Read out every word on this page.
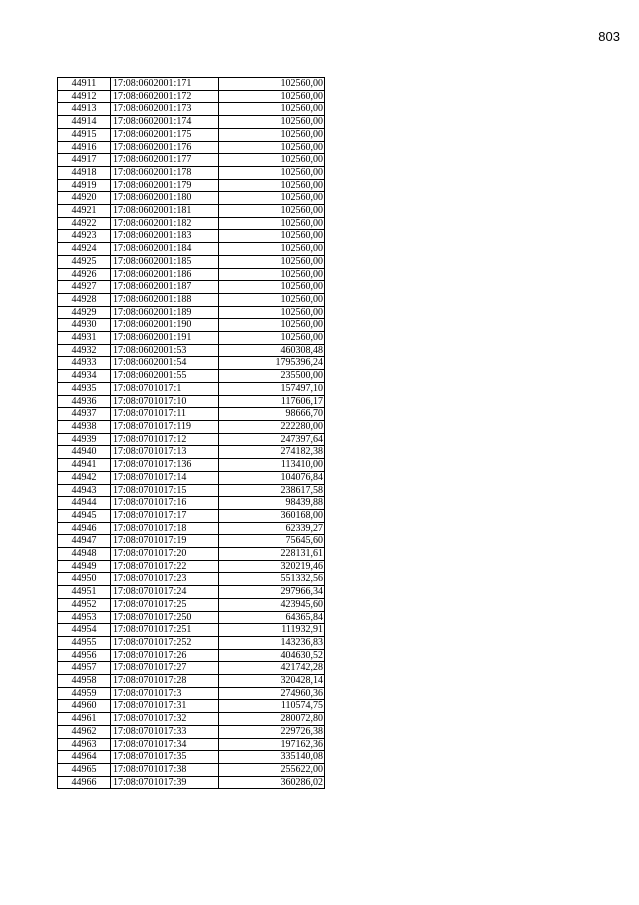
803
44911	17:08:0602001:171	102560,00
44912	17:08:0602001:172	102560,00
44913	17:08:0602001:173	102560,00
44914	17:08:0602001:174	102560,00
44915	17:08:0602001:175	102560,00
44916	17:08:0602001:176	102560,00
44917	17:08:0602001:177	102560,00
44918	17:08:0602001:178	102560,00
44919	17:08:0602001:179	102560,00
44920	17:08:0602001:180	102560,00
44921	17:08:0602001:181	102560,00
44922	17:08:0602001:182	102560,00
44923	17:08:0602001:183	102560,00
44924	17:08:0602001:184	102560,00
44925	17:08:0602001:185	102560,00
44926	17:08:0602001:186	102560,00
44927	17:08:0602001:187	102560,00
44928	17:08:0602001:188	102560,00
44929	17:08:0602001:189	102560,00
44930	17:08:0602001:190	102560,00
44931	17:08:0602001:191	102560,00
44932	17:08:0602001:53	460308,48
44933	17:08:0602001:54	1795396,24
44934	17:08:0602001:55	235500,00
44935	17:08:0701017:1	157497,10
44936	17:08:0701017:10	117606,17
44937	17:08:0701017:11	98666,70
44938	17:08:0701017:119	222280,00
44939	17:08:0701017:12	247397,64
44940	17:08:0701017:13	274182,38
44941	17:08:0701017:136	113410,00
44942	17:08:0701017:14	104076,84
44943	17:08:0701017:15	238617,58
44944	17:08:0701017:16	98439,88
44945	17:08:0701017:17	360168,00
44946	17:08:0701017:18	62339,27
44947	17:08:0701017:19	75645,60
44948	17:08:0701017:20	228131,61
44949	17:08:0701017:22	320219,46
44950	17:08:0701017:23	551332,56
44951	17:08:0701017:24	297966,34
44952	17:08:0701017:25	423945,60
44953	17:08:0701017:250	64365,84
44954	17:08:0701017:251	111932,91
44955	17:08:0701017:252	143236,83
44956	17:08:0701017:26	404630,52
44957	17:08:0701017:27	421742,28
44958	17:08:0701017:28	320428,14
44959	17:08:0701017:3	274960,36
44960	17:08:0701017:31	110574,75
44961	17:08:0701017:32	280072,80
44962	17:08:0701017:33	229726,38
44963	17:08:0701017:34	197162,36
44964	17:08:0701017:35	335140,08
44965	17:08:0701017:38	255622,00
44966	17:08:0701017:39	360286,02
